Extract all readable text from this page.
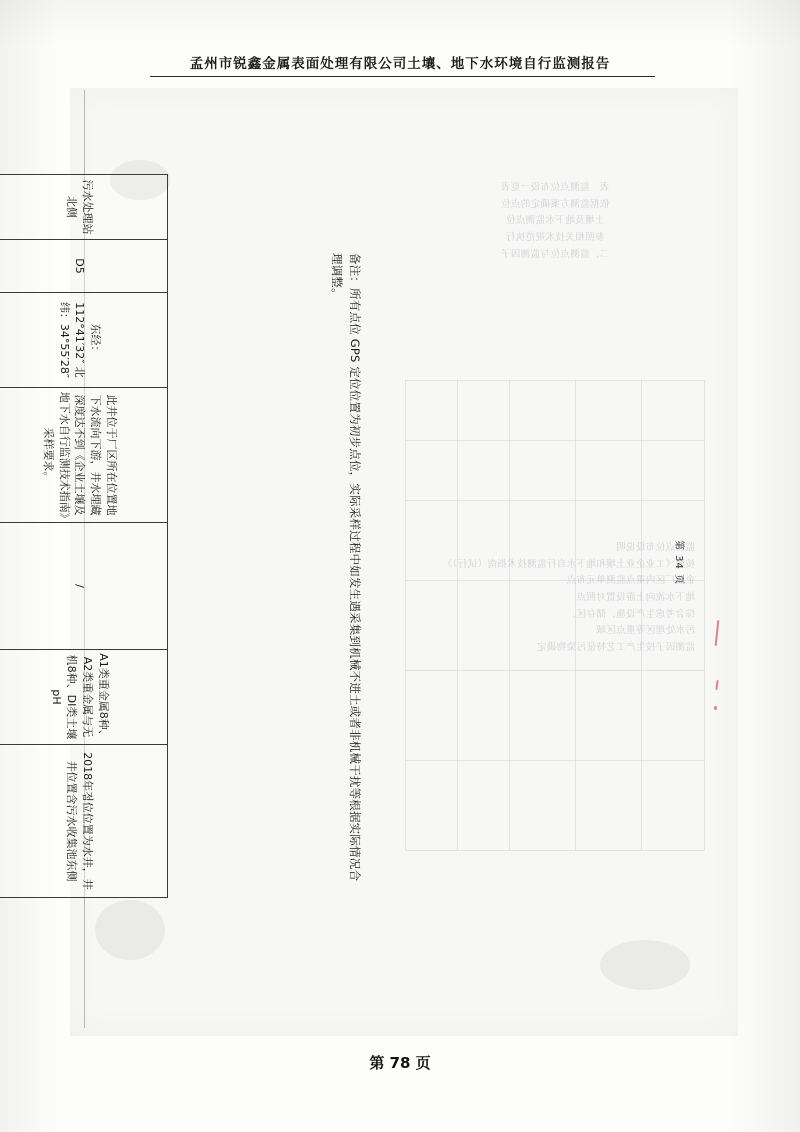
孟州市锐鑫金属表面处理有限公司土壤、地下水环境自行监测报告
表　监测点位布设一览表
依据监测方案确定的点位
土壤及地下水监测点位
参照相关技术规范执行
二、监测点位与监测因子
监测点位布设说明
按照《工业企业土壤和地下水自行监测技术指南（试行）》
企业厂区内重点监测单元布点
地下水流向上游设置对照点
综合考虑生产设施、储存区、
污水处理区等重点区域
监测因子按生产工艺特征污染物确定
污水处理站北侧	D5	东经：112°41′32″ 北纬：34°55′28″	此井位于厂区所在位置地下水流向下游，井水埋藏深度达不到《企业土壤及地下水自行监测技术指南》采样要求。	/	A1类重金属8种、A2类重金属与无机8种、DI类土壤pH	2018年점位位置为水井，井井位置含污水收集池东侧
							备注：所有点位 GPS 定位位置为初步点位，实际采样过程中如发生遇采集到机械不进土或者非机械干扰等根据实际情况合理调整。
第 34 页
第 78 页
